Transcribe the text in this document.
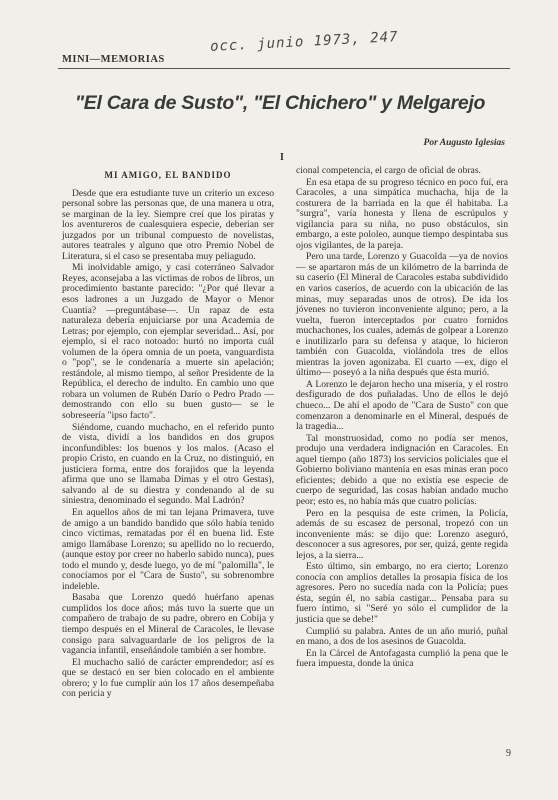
occ. junio 1973, 247
MINI—MEMORIAS
"El Cara de Susto", "El Chichero" y Melgarejo
Por Augusto Iglesias
I

MI AMIGO, EL BANDIDO

Desde que era estudiante tuve un criterio un exceso personal sobre las personas que, de una manera u otra, se marginan de la ley. Siempre creí que los piratas y los aventureros de cualesquiera especie, deberían ser juzgados por un tribunal compuesto de novelistas, autores teatrales y alguno que otro Premio Nobel de Literatura, si el caso se presentaba muy peliagudo.

Mi inolvidable amigo, y casi coterráneo Salvador Reyes, aconsejaba a las víctimas de robos de libros, un procedimiento bastante parecido: "¿Por qué llevar a esos ladrones a un Juzgado de Mayor o Menor Cuantía? —preguntábase—. Un rapaz de esta naturaleza debería enjuiciarse por una Academia de Letras; por ejemplo, con ejemplar severidad... Así, por ejemplo, si el raco notoado: hurtó no importa cuál volumen de la ópera omnia de un poeta, vanguardista o "pop", se le condenaría a muerte sin apelación; restándole, al mismo tiempo, al señor Presidente de la República, el derecho de indulto. En cambio uno que robara un volumen de Rubén Darío o Pedro Prado —demostrando con ello su buen gusto— se le sobreseería "ipso facto".

Siéndome, cuando muchacho, en el referido punto de vista, dividí a los bandidos en dos grupos inconfundibles: los buenos y los malos. (Acaso el propio Cristo, en cuando en la Cruz, no distinguió, en justiciera forma, entre dos forajidos que la leyenda afirma que uno se llamaba Dimas y el otro Gestas), salvando al de su diestra y condenando al de su siniestra, denominado el segundo. Mal Ladrón?

En aquellos años de mi tan lejana Primavera, tuve de amigo a un bandido bandido que sólo había tenido cinco víctimas, rematadas por él en buena lid. Este amigo llamábase Lorenzo; su apellido no lo recuerdo, (aunque estoy por creer no haberlo sabido nunca), pues todo el mundo y, desde luego, yo de mí "palomilla", le conocíamos por el "Cara de Susto", su sobrenombre indeleble.

Basaba que Lorenzo quedó huérfano apenas cumplidos los doce años; más tuvo la suerte que un compañero de trabajo de su padre, obrero en Cobija y tiempo después en el Mineral de Caracoles, le llevase consigo para salvaguardarle de los peligros de la vagancia infantil, enseñándole también a ser hombre.

El muchacho salió de carácter emprendedor; así es que se destacó en ser bien colocado en el ambiente obrero; y lo fue cumplir aún los 17 años desempeñaba con pericia y

cional competencia, el cargo de oficial de obras.

En esa etapa de su progreso técnico en poco fuí, era Caracoles, a una simpática muchacha, hija de la costurera de la barriada en la que él habitaba. La "surgra", varía honesta y llena de escrúpulos y vigilancia para su niña, no puso obstáculos, sin embargo, a este pololeo, aunque tiempo despintaba sus ojos vigilantes, de la pareja.

Pero una tarde, Lorenzo y Guacolda —ya de novios— se apartaron más de un kilómetro de la barrinda de su caserío (El Mineral de Caracoles estaba subdividido en varios caseríos, de acuerdo con la ubicación de las minas, muy separadas unos de otros). De ida los jóvenes no tuvieron inconveniente alguno; pero, a la vuelta, fueron interceptados por cuatro fornidos muchachones, los cuales, además de golpear a Lorenzo e inutilizarlo para su defensa y ataque, lo hicieron también con Guacolda, violándola tres de ellos mientras la joven agonizaba. El cuarto —ex, digo el último— poseyó a la niña después que ésta murió.

A Lorenzo le dejaron hecho una miseria, y el rostro desfigurado de dos puñaladas. Uno de ellos le dejó chueco... De ahí el apodo de "Cara de Susto" con que comenzaron a denominarle en el Mineral, después de la tragedia...

Tal monstruosidad, como no podía ser menos, produjo una verdadera indignación en Caracoles. En aquel tiempo (año 1873) los servicios policiales que el Gobierno boliviano mantenía en esas minas eran poco eficientes; debido a que no existía ese especie de cuerpo de seguridad, las cosas habían andado mucho peor; esto es, no había más que cuatro policías.

Pero en la pesquisa de este crimen, la Policía, además de su escasez de personal, tropezó con un inconveniente más: se dijo que: Lorenzo aseguró, desconocer a sus agresores, por ser, quizá, gente regida lejos, a la sierra...

Esto último, sin embargo, no era cierto; Lorenzo conocía con amplios detalles la prosapia física de los agresores. Pero no sucedía nada con la Policía; pues ésta, según él, no sabía castigar... Pensaba para su fuero íntimo, si "Seré yo sólo el cumplidor de la justicia que se debe!"

Cumplió su palabra. Antes de un año murió, puñal en mano, a dos de los asesinos de Guacolda.

En la Cárcel de Antofagasta cumplió la pena que le fuera impuesta, donde la única

9
